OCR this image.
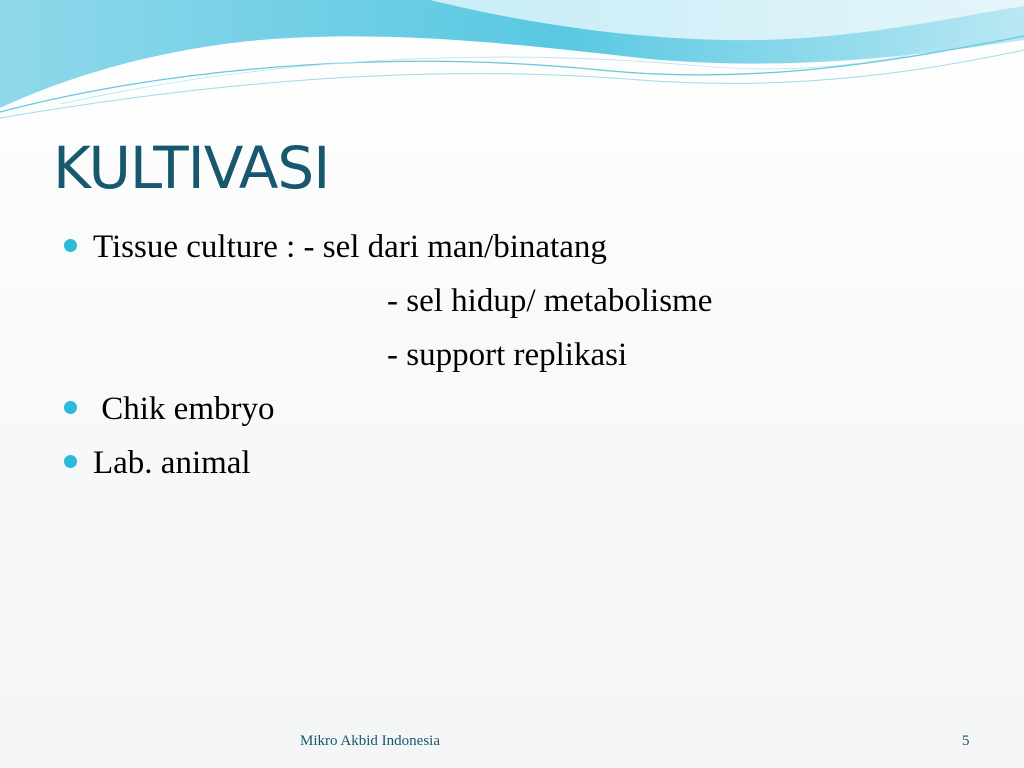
KULTIVASI
Tissue culture : - sel dari man/binatang
- sel hidup/ metabolisme
- support replikasi
Chik embryo
Lab. animal
Mikro Akbid Indonesia	5
